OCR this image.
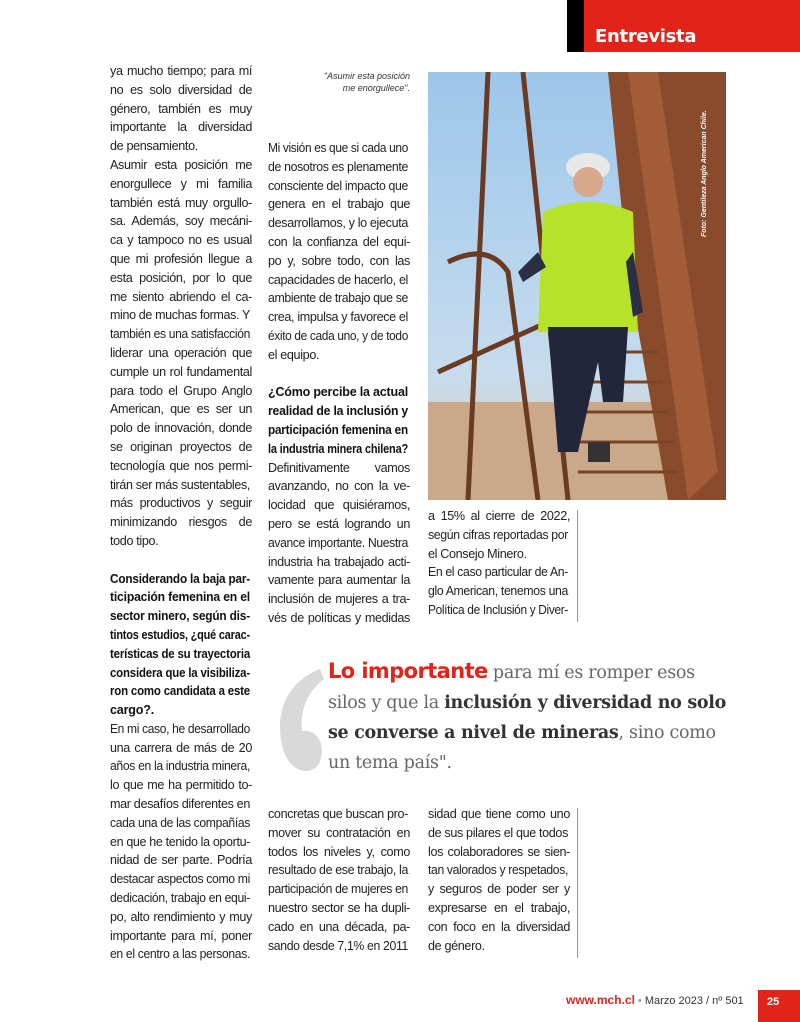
Entrevista
ya mucho tiempo; para mí
no es solo diversidad de
género, también es muy
importante la diversidad
de pensamiento.
Asumir esta posición me
enorgullece y mi familia
también está muy orgullo-
sa. Además, soy mecáni-
ca y tampoco no es usual
que mi profesión llegue a
esta posición, por lo que
me siento abriendo el ca-
mino de muchas formas. Y
también es una satisfacción
liderar una operación que
cumple un rol fundamental
para todo el Grupo Anglo
American, que es ser un
polo de innovación, donde
se originan proyectos de
tecnología que nos permi-
tirán ser más sustentables,
más productivos y seguir
minimizando riesgos de
todo tipo.
Considerando la baja par-
ticipación femenina en el
sector minero, según dis-
tintos estudios, ¿qué carac-
terísticas de su trayectoria
considera que la visibiliza-
ron como candidata a este
cargo?.
En mi caso, he desarrollado
una carrera de más de 20
años en la industria minera,
lo que me ha permitido to-
mar desafíos diferentes en
cada una de las compañías
en que he tenido la oportu-
nidad de ser parte. Podría
destacar aspectos como mi
dedicación, trabajo en equi-
po, alto rendimiento y muy
importante para mí, poner
en el centro a las personas.
Mi visión es que si cada uno
de nosotros es plenamente
consciente del impacto que
genera en el trabajo que
desarrollamos, y lo ejecuta
con la confianza del equi-
po y, sobre todo, con las
capacidades de hacerlo, el
ambiente de trabajo que se
crea, impulsa y favorece el
éxito de cada uno, y de todo
el equipo.
¿Cómo percibe la actual
realidad de la inclusión y
participación femenina en
la industria minera chilena?
Definitivamente vamos
avanzando, no con la ve-
locidad que quisiéramos,
pero se está logrando un
avance importante. Nuestra
industria ha trabajado acti-
vamente para aumentar la
inclusión de mujeres a tra-
vés de políticas y medidas
a 15% al cierre de 2022,
según cifras reportadas por
el Consejo Minero.
En el caso particular de An-
glo American, tenemos una
Política de Inclusión y Diver-
concretas que buscan pro-
mover su contratación en
todos los niveles y, como
resultado de ese trabajo, la
participación de mujeres en
nuestro sector se ha dupli-
cado en una década, pa-
sando desde 7,1% en 2011
sidad que tiene como uno
de sus pilares el que todos
los colaboradores se sien-
tan valorados y respetados,
y seguros de poder ser y
expresarse en el trabajo,
con foco en la diversidad
de género.
"Asumir esta posición
me enorgullece".
Foto: Gentileza Anglo American Chile.
Lo importante para mí es romper esos silos y que la inclusión y diversidad no solo se converse a nivel de mineras, sino como un tema país".
www.mch.cl • Marzo 2023 / nº 501	25
